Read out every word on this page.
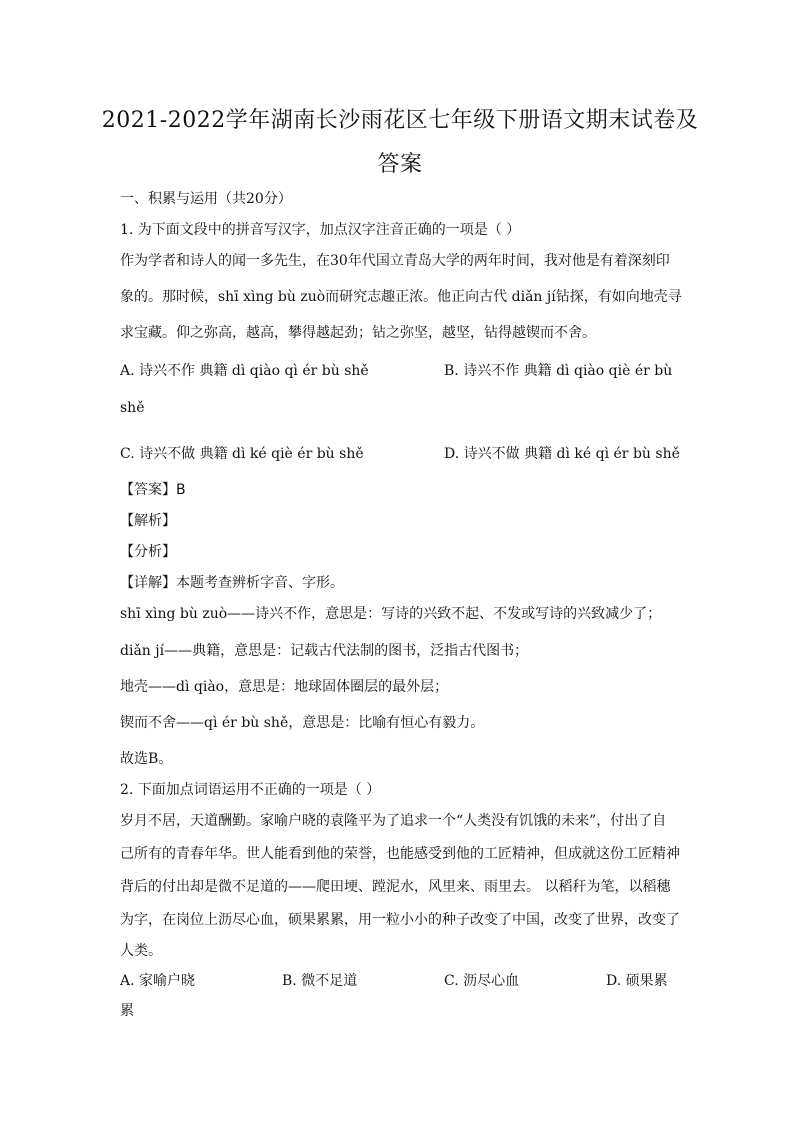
2021-2022学年湖南长沙雨花区七年级下册语文期末试卷及
答案
一、积累与运用（共20分）
1. 为下面文段中的拼音写汉字，加点汉字注音正确的一项是（ ）
作为学者和诗人的闻一多先生，在30年代国立青岛大学的两年时间，我对他是有着深刻印
象的。那时候，shī xìng bù zuò而研究志趣正浓。他正向古代 diǎn jí钻探，有如向地壳寻
求宝藏。仰之弥高，越高，攀得越起劲；钻之弥坚，越坚，钻得越锲而不舍。
A. 诗兴不作 典籍 dì qiào qì ér bù shě	B. 诗兴不作 典籍 dì qiào qiè ér bù
shě
C. 诗兴不做 典籍 dì ké qiè ér bù shě	D. 诗兴不做 典籍 dì ké qì ér bù shě
【答案】B
【解析】
【分析】
【详解】本题考查辨析字音、字形。
shī xìng bù zuò——诗兴不作，意思是：写诗的兴致不起、不发或写诗的兴致减少了；
diǎn jí——典籍，意思是：记载古代法制的图书，泛指古代图书；
地壳——dì qiào，意思是：地球固体圈层的最外层；
锲而不舍——qì ér bù shě，意思是：比喻有恒心有毅力。
故选B。
2. 下面加点词语运用不正确的一项是（ ）
岁月不居，天道酬勤。家喻户晓的袁隆平为了追求一个“人类没有饥饿的未来”，付出了自
己所有的青春年华。世人能看到他的荣誉，也能感受到他的工匠精神，但成就这份工匠精神
背后的付出却是微不足道的——爬田埂、蹚泥水，风里来、雨里去。 以稻秆为笔，以稻穗
为字，在岗位上沥尽心血，硕果累累，用一粒小小的种子改变了中国，改变了世界，改变了
人类。
A. 家喻户晓	B. 微不足道	C. 沥尽心血	D. 硕果累
累
